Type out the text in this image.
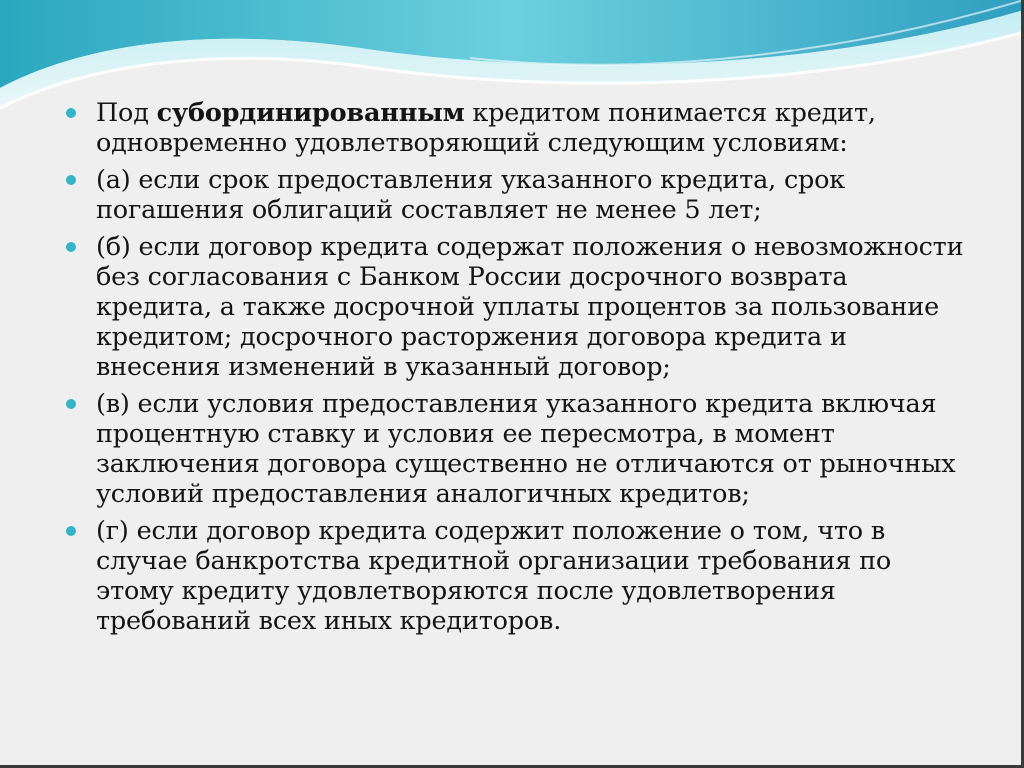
Под субординированным кредитом понимается кредит, одновременно удовлетворяющий следующим условиям:
(а) если срок предоставления указанного кредита, срок погашения облигаций составляет не менее 5 лет;
(б) если договор кредита содержат положения о невозможности без согласования с Банком России досрочного возврата кредита, а также досрочной уплаты процентов за пользование кредитом; досрочного расторжения договора кредита и внесения изменений в указанный договор;
(в) если условия предоставления указанного кредита включая процентную ставку и условия ее пересмотра, в момент заключения договора существенно не отличаются от рыночных условий предоставления аналогичных кредитов;
(г) если договор кредита содержит положение о том, что в случае банкротства кредитной организации требования по этому кредиту удовлетворяются после удовлетворения требований всех иных кредиторов.
